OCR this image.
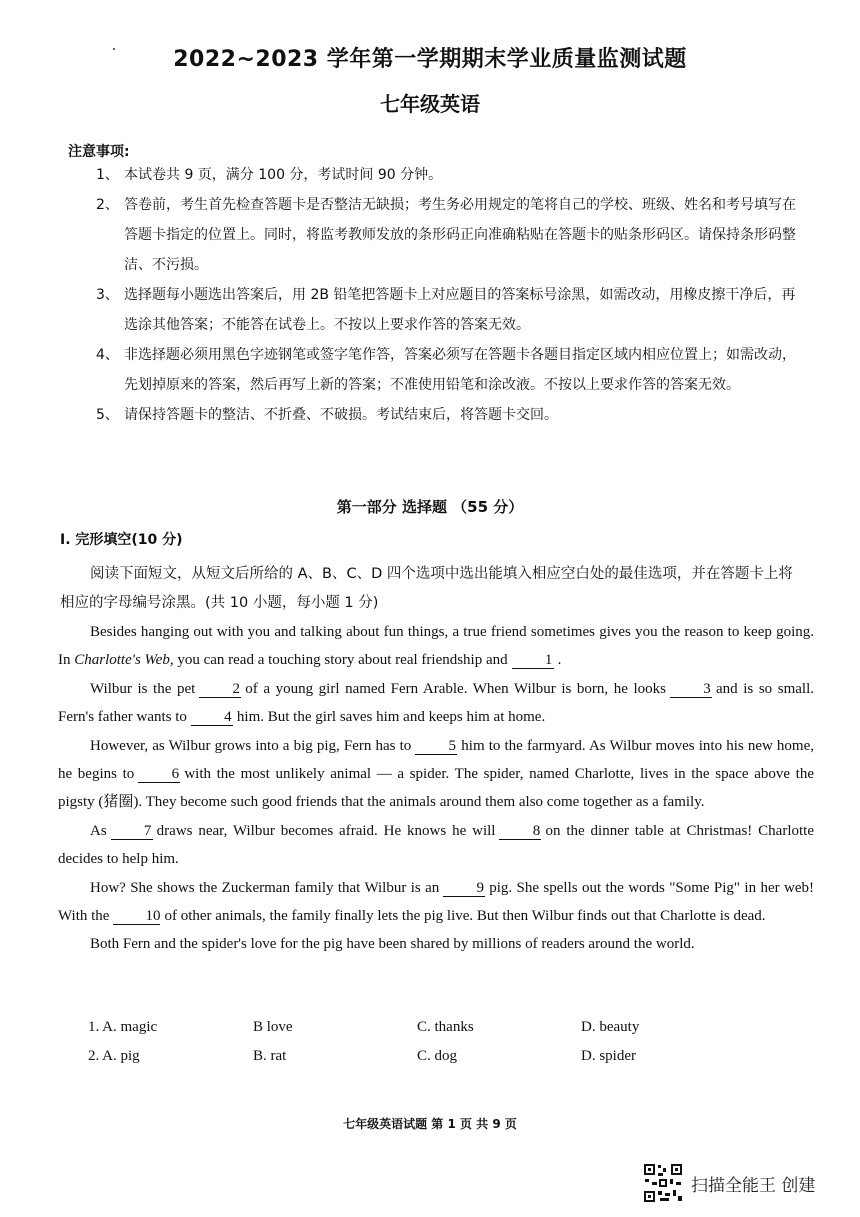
2022~2023 学年第一学期期末学业质量监测试题
七年级英语
注意事项:
1、 本试卷共 9 页，满分 100 分，考试时间 90 分钟。
2、 答卷前，考生首先检查答题卡是否整洁无缺损；考生务必用规定的笔将自己的学校、班级、姓名和考号填写在答题卡指定的位置上。同时，将监考教师发放的条形码正向准确粘贴在答题卡的贴条形码区。请保持条形码整洁、不污损。
3、 选择题每小题选出答案后，用 2B 铅笔把答题卡上对应题目的答案标号涂黑，如需改动，用橡皮擦干净后，再选涂其他答案；不能答在试卷上。不按以上要求作答的答案无效。
4、 非选择题必须用黑色字迹钢笔或签字笔作答，答案必须写在答题卡各题目指定区域内相应位置上；如需改动，先划掉原来的答案，然后再写上新的答案；不准使用铅笔和涂改液。不按以上要求作答的答案无效。
5、 请保持答题卡的整洁、不折叠、不破损。考试结束后，将答题卡交回。
第一部分 选择题 （55 分）
I. 完形填空(10 分)
阅读下面短文，从短文后所给的 A、B、C、D 四个选项中选出能填入相应空白处的最佳选项，并在答题卡上将相应的字母编号涂黑。(共 10 小题，每小题 1 分)

Besides hanging out with you and talking about fun things, a true friend sometimes gives you the reason to keep going. In Charlotte's Web, you can read a touching story about real friendship and 1 .

Wilbur is the pet 2 of a young girl named Fern Arable. When Wilbur is born, he looks 3 and is so small. Fern's father wants to 4 him. But the girl saves him and keeps him at home.

However, as Wilbur grows into a big pig, Fern has to 5 him to the farmyard. As Wilbur moves into his new home, he begins to 6 with the most unlikely animal — a spider. The spider, named Charlotte, lives in the space above the pigsty (猪圈). They become such good friends that the animals around them also come together as a family.

As 7 draws near, Wilbur becomes afraid. He knows he will 8 on the dinner table at Christmas! Charlotte decides to help him.

How? She shows the Zuckerman family that Wilbur is an 9 pig. She spells out the words "Some Pig" in her web! With the 10 of other animals, the family finally lets the pig live. But then Wilbur finds out that Charlotte is dead.

Both Fern and the spider's love for the pig have been shared by millions of readers around the world.

1. A. magic	B love	C. thanks	D. beauty
2. A. pig	B. rat	C. dog	D. spider
七年级英语试题 第 1 页 共 9 页
扫描全能王 创建
